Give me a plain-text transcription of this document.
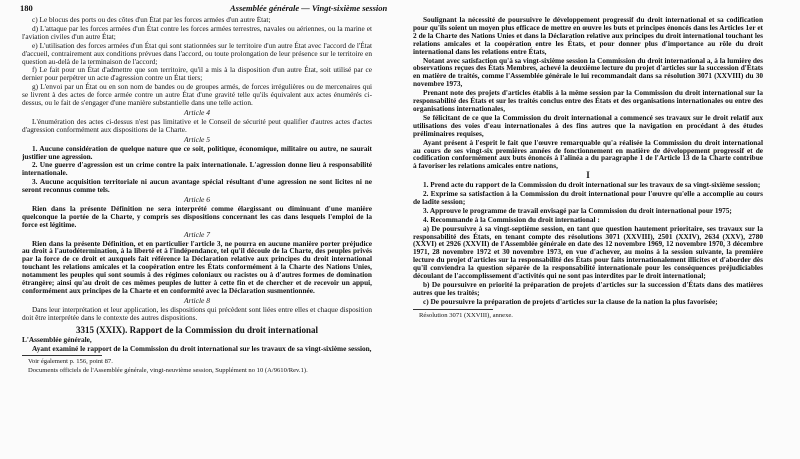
180	Assemblée générale — Vingt-sixième session

c) Le blocus des ports ou des côtes d'un État par les forces armées d'un autre État;

d) L'attaque par les forces armées d'un État contre les forces armées terrestres, navales ou aériennes, ou la marine et l'aviation civiles d'un autre État;

e) L'utilisation des forces armées d'un État qui sont stationnées sur le territoire d'un autre État avec l'accord de l'État d'accueil, contrairement aux conditions prévues dans l'accord, ou toute prolongation de leur présence sur le territoire en question au-delà de la terminaison de l'accord;

f) Le fait pour un État d'admettre que son territoire, qu'il a mis à la disposition d'un autre État, soit utilisé par ce dernier pour perpétrer un acte d'agression contre un État tiers;

g) L'envoi par un État ou en son nom de bandes ou de groupes armés, de forces irrégulières ou de mercenaires qui se livrent à des actes de force armée contre un autre État d'une gravité telle qu'ils équivalent aux actes énumérés ci-dessus, ou le fait de s'engager d'une manière substantielle dans une telle action.

Article 4

L'énumération des actes ci-dessus n'est pas limitative et le Conseil de sécurité peut qualifier d'autres actes d'actes d'agression conformément aux dispositions de la Charte.

Article 5

1. Aucune considération de quelque nature que ce soit, politique, économique, militaire ou autre, ne saurait justifier une agression.

2. Une guerre d'agression est un crime contre la paix internationale. L'agression donne lieu à responsabilité internationale.

3. Aucune acquisition territoriale ni aucun avantage spécial résultant d'une agression ne sont licites ni ne seront reconnus comme tels.

Article 6

Rien dans la présente Définition ne sera interprété comme élargissant ou diminuant d'une manière quelconque la portée de la Charte, y compris ses dispositions concernant les cas dans lesquels l'emploi de la force est légitime.

Article 7

Rien dans la présente Définition, et en particulier l'article 3, ne pourra en aucune manière porter préjudice au droit à l'autodétermination, à la liberté et à l'indépendance, tel qu'il découle de la Charte, des peuples privés par la force de ce droit et auxquels fait référence la Déclaration relative aux principes du droit international touchant les relations amicales et la coopération entre les États conformément à la Charte des Nations Unies, notamment les peuples qui sont soumis à des régimes coloniaux ou racistes ou à d'autres formes de domination étrangère; ainsi qu'au droit de ces mêmes peuples de lutter à cette fin et de chercher et de recevoir un appui, conformément aux principes de la Charte et en conformité avec la Déclaration susmentionnée.

Article 8

Dans leur interprétation et leur application, les dispositions qui précèdent sont liées entre elles et chaque disposition doit être interprétée dans le contexte des autres dispositions.

3315 (XXIX). Rapport de la Commission du droit international

L'Assemblée générale,

Ayant examiné le rapport de la Commission du droit international sur les travaux de sa vingt-sixième session,

Voir également p. 156, point 87.

Documents officiels de l'Assemblée générale, vingt-neuvième session, Supplément no 10 (A/9610/Rev.1).

Soulignant la nécessité de poursuivre le développement progressif du droit international et sa codification pour qu'ils soient un moyen plus efficace de mettre en œuvre les buts et principes énoncés dans les Articles 1er et 2 de la Charte des Nations Unies et dans la Déclaration relative aux principes du droit international touchant les relations amicales et la coopération entre les États, et pour donner plus d'importance au rôle du droit international dans les relations entre États,

Notant avec satisfaction qu'à sa vingt-sixième session la Commission du droit international a, à la lumière des observations reçues des États Membres, achevé la deuxième lecture du projet d'articles sur la succession d'États en matière de traités, comme l'Assemblée générale le lui recommandait dans sa résolution 3071 (XXVIII) du 30 novembre 1973,

Prenant note des projets d'articles établis à la même session par la Commission du droit international sur la responsabilité des États et sur les traités conclus entre des États et des organisations internationales ou entre des organisations internationales,

Se félicitant de ce que la Commission du droit international a commencé ses travaux sur le droit relatif aux utilisations des voies d'eau internationales à des fins autres que la navigation en procédant à des études préliminaires requises,

Ayant présent à l'esprit le fait que l'œuvre remarquable qu'a réalisée la Commission du droit international au cours de ses vingt-six premières années de fonctionnement en matière de développement progressif et de codification conformément aux buts énoncés à l'alinéa a du paragraphe 1 de l'Article 13 de la Charte contribue à favoriser les relations amicales entre nations,

I

1. Prend acte du rapport de la Commission du droit international sur les travaux de sa vingt-sixième session;

2. Exprime sa satisfaction à la Commission du droit international pour l'œuvre qu'elle a accomplie au cours de ladite session;

3. Approuve le programme de travail envisagé par la Commission du droit international pour 1975;

4. Recommande à la Commission du droit international :

a) De poursuivre à sa vingt-septième session, en tant que question hautement prioritaire, ses travaux sur la responsabilité des États, en tenant compte des résolutions 3071 (XXVIII), 2501 (XXIV), 2634 (XXV), 2780 (XXVI) et 2926 (XXVII) de l'Assemblée générale en date des 12 novembre 1969, 12 novembre 1970, 3 décembre 1971, 28 novembre 1972 et 30 novembre 1973, en vue d'achever, au moins à la session suivante, la première lecture du projet d'articles sur la responsabilité des États pour faits internationalement illicites et d'aborder dès qu'il conviendra la question séparée de la responsabilité internationale pour les conséquences préjudiciables découlant de l'accomplissement d'activités qui ne sont pas interdites par le droit international;

b) De poursuivre en priorité la préparation de projets d'articles sur la succession d'États dans des matières autres que les traités;

c) De poursuivre la préparation de projets d'articles sur la clause de la nation la plus favorisée;

Résolution 3071 (XXVIII), annexe.
